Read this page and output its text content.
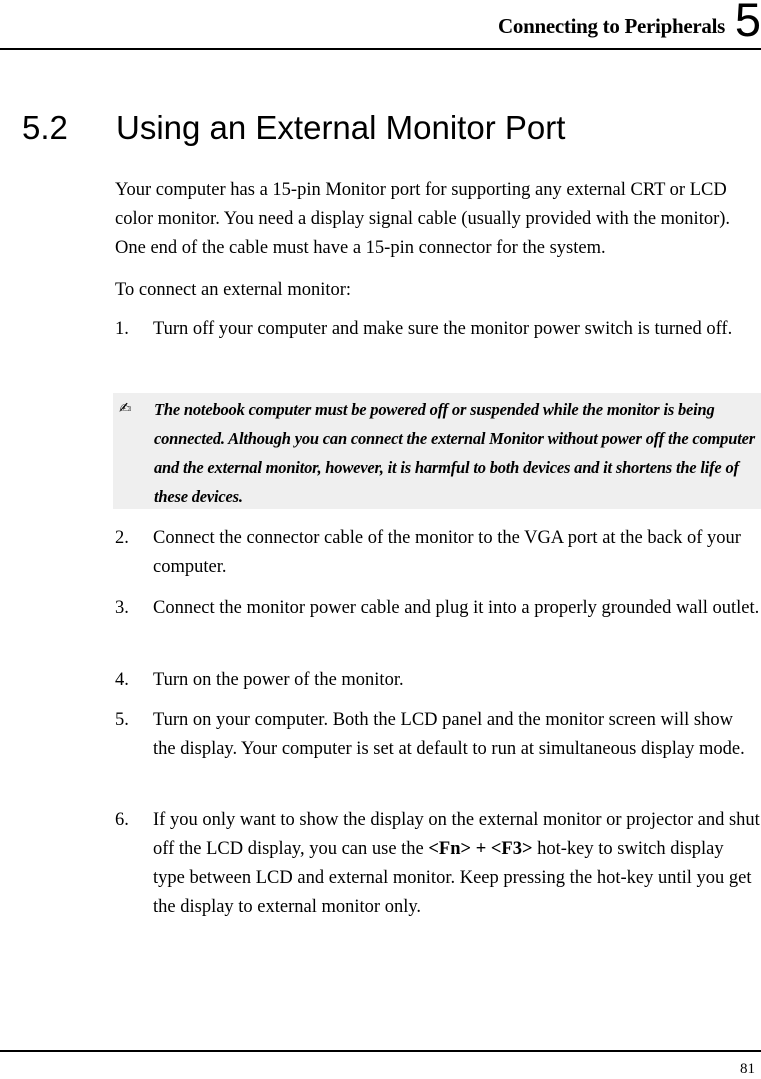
Connecting to Peripherals 5
5.2 Using an External Monitor Port
Your computer has a 15-pin Monitor port for supporting any external CRT or LCD color monitor. You need a display signal cable (usually provided with the monitor). One end of the cable must have a 15-pin connector for the system.
To connect an external monitor:
1. Turn off your computer and make sure the monitor power switch is turned off.
✍ The notebook computer must be powered off or suspended while the monitor is being connected. Although you can connect the external Monitor without power off the computer and the external monitor, however, it is harmful to both devices and it shortens the life of these devices.
2. Connect the connector cable of the monitor to the VGA port at the back of your computer.
3. Connect the monitor power cable and plug it into a properly grounded wall outlet.
4. Turn on the power of the monitor.
5. Turn on your computer. Both the LCD panel and the monitor screen will show the display. Your computer is set at default to run at simultaneous display mode.
6. If you only want to show the display on the external monitor or projector and shut off the LCD display, you can use the <Fn> + <F3> hot-key to switch display type between LCD and external monitor. Keep pressing the hot-key until you get the display to external monitor only.
81
